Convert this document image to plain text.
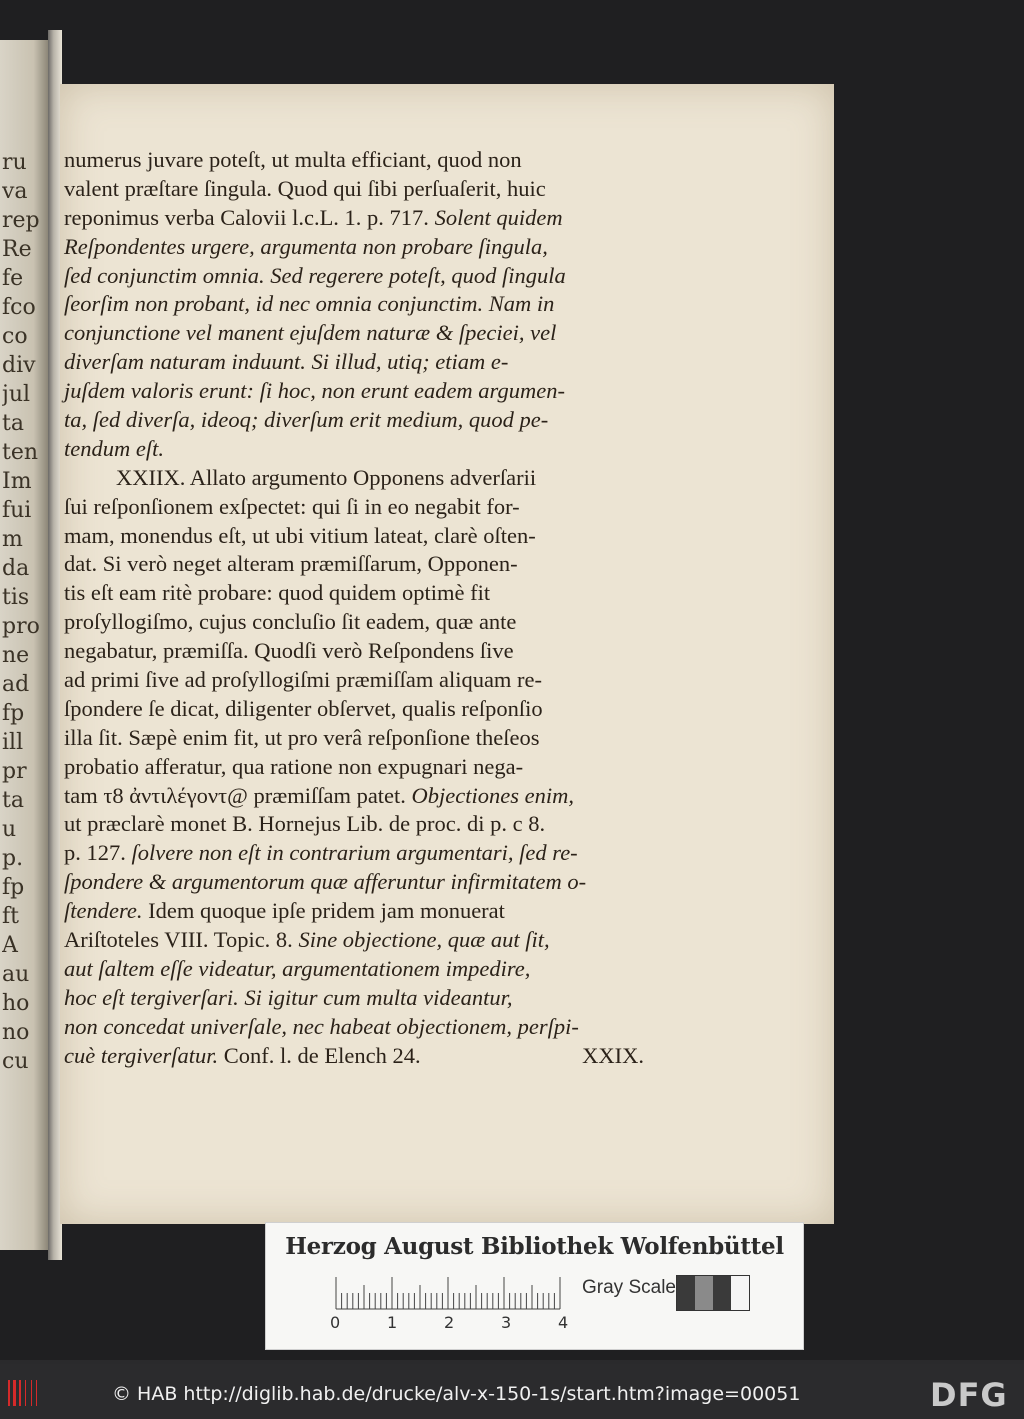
ru
va
rep
Re
fe
fco
co
div
jul
ta
ten
Im
fui
m
da
tis
pro
ne
ad
fp
ill
pr
ta
u
p.
fp
ft
A
au
ho
no
cu
numerus juvare poteſt, ut multa efficiant, quod non
valent præſtare ſingula. Quod qui ſibi perſuaſerit, huic
reponimus verba Calovii l.c.L. 1. p. 717. Solent quidem
Reſpondentes urgere, argumenta non probare ſingula,
ſed conjunctim omnia. Sed regerere poteſt, quod ſingula
ſeorſim non probant, id nec omnia conjunctim. Nam in
conjunctione vel manent ejuſdem naturæ & ſpeciei, vel
diverſam naturam induunt. Si illud, utiq; etiam e-
juſdem valoris erunt: ſi hoc, non erunt eadem argumen-
ta, ſed diverſa, ideoq; diverſum erit medium, quod pe-
tendum eſt.
XXIIX. Allato argumento Opponens adverſarii
ſui reſponſionem exſpectet: qui ſi in eo negabit for-
mam, monendus eſt, ut ubi vitium lateat, clarè oſten-
dat. Si verò neget alteram præmiſſarum, Opponen-
tis eſt eam ritè probare: quod quidem optimè fit
proſyllogiſmo, cujus concluſio ſit eadem, quæ ante
negabatur, præmiſſa. Quodſi verò Reſpondens ſive
ad primi ſive ad proſyllogiſmi præmiſſam aliquam re-
ſpondere ſe dicat, diligenter obſervet, qualis reſponſio
illa ſit. Sæpè enim fit, ut pro verâ reſponſione theſeos
probatio afferatur, qua ratione non expugnari nega-
tam τ8 ἀντιλέγοντ@ præmiſſam patet. Objectiones enim,
ut præclarè monet B. Hornejus Lib. de proc. di p. c 8.
p. 127. ſolvere non eſt in contrarium argumentari, ſed re-
ſpondere & argumentorum quæ afferuntur infirmitatem o-
ſtendere. Idem quoque ipſe pridem jam monuerat
Ariſtoteles VIII. Topic. 8. Sine objectione, quæ aut ſit,
aut ſaltem eſſe videatur, argumentationem impedire,
hoc eſt tergiverſari. Si igitur cum multa videantur,
non concedat univerſale, nec habeat objectionem, perſpi-
cuè tergiverſatur. Conf. l. de Elench 24.	XXIX.
Herzog August Bibliothek Wolfenbüttel
0	1	2	3	4
Gray Scale
© HAB http://diglib.hab.de/drucke/alv-x-150-1s/start.htm?image=00051	DFG
